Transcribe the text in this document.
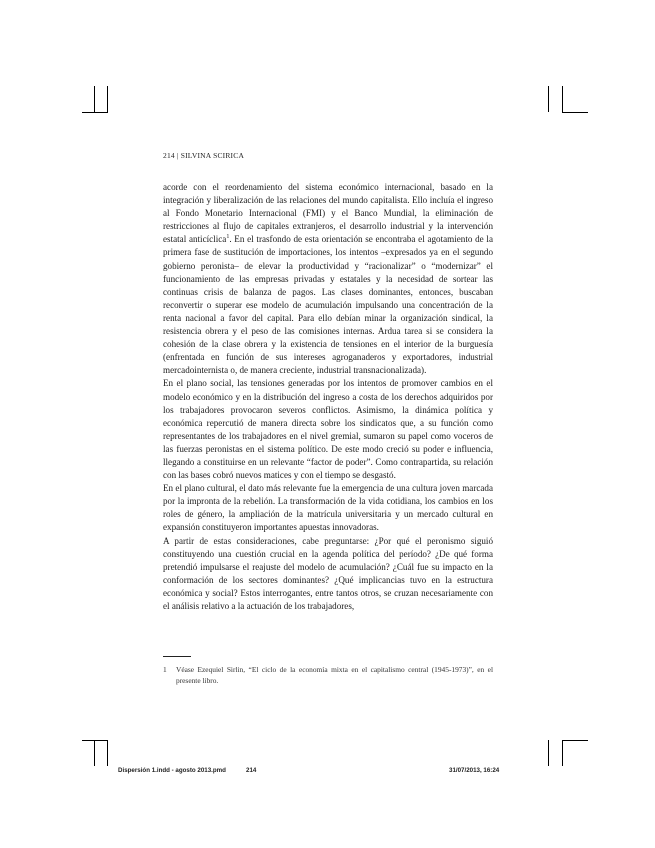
214 | SILVINA SCIRICA

acorde con el reordenamiento del sistema económico internacional, basado en la integración y liberalización de las relaciones del mundo capitalista. Ello incluía el ingreso al Fondo Monetario Internacional (FMI) y el Banco Mundial, la eliminación de restricciones al flujo de capitales extranjeros, el desarrollo industrial y la intervención estatal anticíclica$^1$. En el trasfondo de esta orientación se encontraba el agotamiento de la primera fase de sustitución de importaciones, los intentos –expresados ya en el segundo gobierno peronista– de elevar la productividad y “racionalizar” o “modernizar” el funcionamiento de las empresas privadas y estatales y la necesidad de sortear las continuas crisis de balanza de pagos. Las clases dominantes, entonces, buscaban reconvertir o superar ese modelo de acumulación impulsando una concentración de la renta nacional a favor del capital. Para ello debían minar la organización sindical, la resistencia obrera y el peso de las comisiones internas. Ardua tarea si se considera la cohesión de la clase obrera y la existencia de tensiones en el interior de la burguesía (enfrentada en función de sus intereses agroganaderos y exportadores, industrial mercadointernista o, de manera creciente, industrial transnacionalizada).

En el plano social, las tensiones generadas por los intentos de promover cambios en el modelo económico y en la distribución del ingreso a costa de los derechos adquiridos por los trabajadores provocaron severos conflictos. Asimismo, la dinámica política y económica repercutió de manera directa sobre los sindicatos que, a su función como representantes de los trabajadores en el nivel gremial, sumaron su papel como voceros de las fuerzas peronistas en el sistema político. De este modo creció su poder e influencia, llegando a constituirse en un relevante “factor de poder”. Como contrapartida, su relación con las bases cobró nuevos matices y con el tiempo se desgastó.

En el plano cultural, el dato más relevante fue la emergencia de una cultura joven marcada por la impronta de la rebelión. La transformación de la vida cotidiana, los cambios en los roles de género, la ampliación de la matrícula universitaria y un mercado cultural en expansión constituyeron importantes apuestas innovadoras.

A partir de estas consideraciones, cabe preguntarse: ¿Por qué el peronismo siguió constituyendo una cuestión crucial en la agenda política del período? ¿De qué forma pretendió impulsarse el reajuste del modelo de acumulación? ¿Cuál fue su impacto en la conformación de los sectores dominantes? ¿Qué implicancias tuvo en la estructura económica y social? Estos interrogantes, entre tantos otros, se cruzan necesariamente con el análisis relativo a la actuación de los trabajadores,

1 Véase Ezequiel Sirlin, “El ciclo de la economía mixta en el capitalismo central (1945-1973)”, en el presente libro.
Dispersión 1.indd - agosto 2013.pmd	214	31/07/2013, 16:24
